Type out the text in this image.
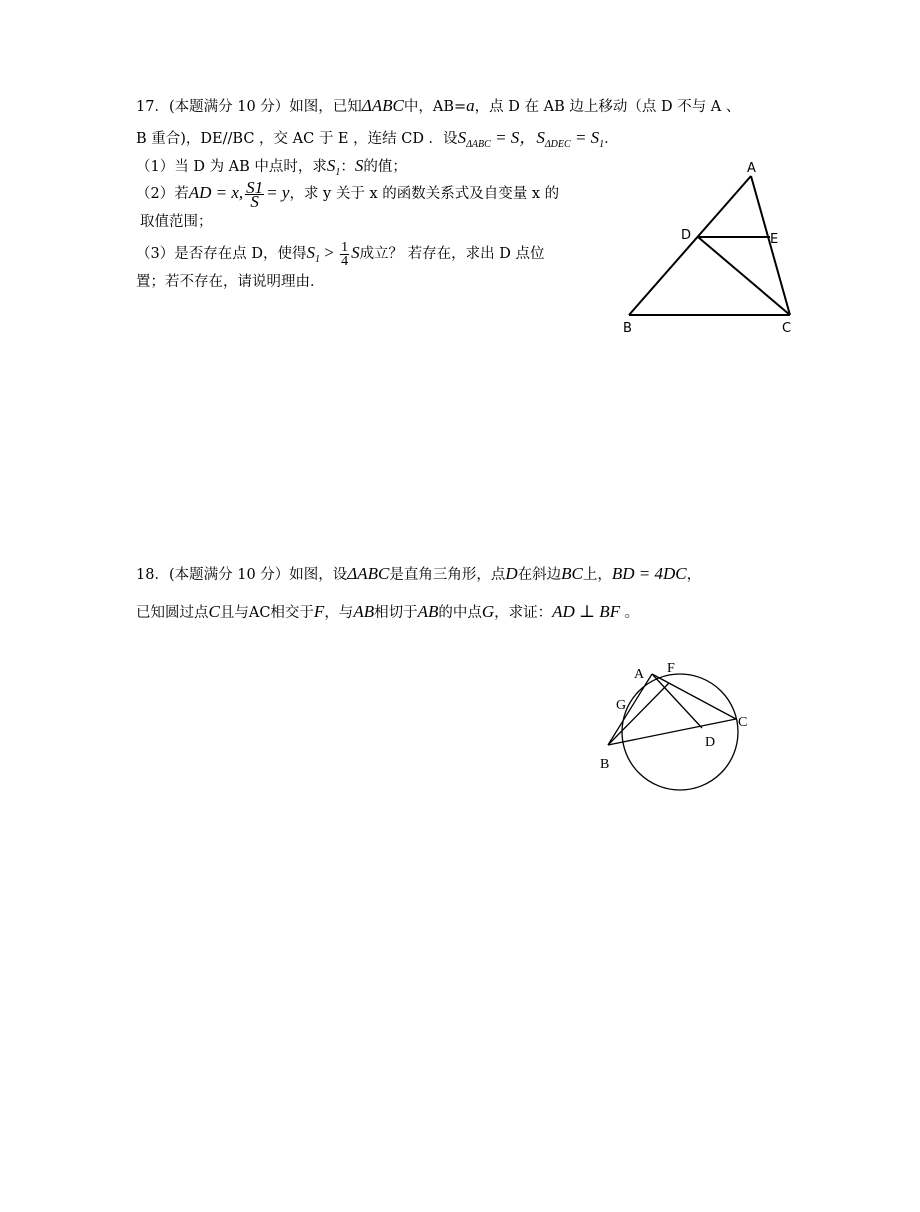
17．(本题满分 10 分）如图，已知ΔABC中，AB=a，点 D 在 AB 边上移动（点 D 不与 A 、
B 重合)，DE//BC ，交 AC 于 E ，连结 CD ．设$S_{\Delta ABC} = S$，$S_{\Delta DEC} = S_1$．
（1）当 D 为 AB 中点时，求$S_1$：S的值；
（2）若AD = x, $\frac{S1}{S} = y$，求 y 关于 x 的函数关系式及自变量 x 的
取值范围；
（3）是否存在点 D，使得$S_1 > \frac{1}{4}$ S成立？ 若存在，求出 D 点位
置；若不存在，请说明理由．
A
B	C
D	E
18．(本题满分 10 分）如图，设ΔABC是直角三角形，点D在斜边BC上，BD = 4DC，
已知圆过点C且与AC相交于F，与AB相切于AB的中点G，求证：AD ⊥ BF 。
A F
G
C
D
B
